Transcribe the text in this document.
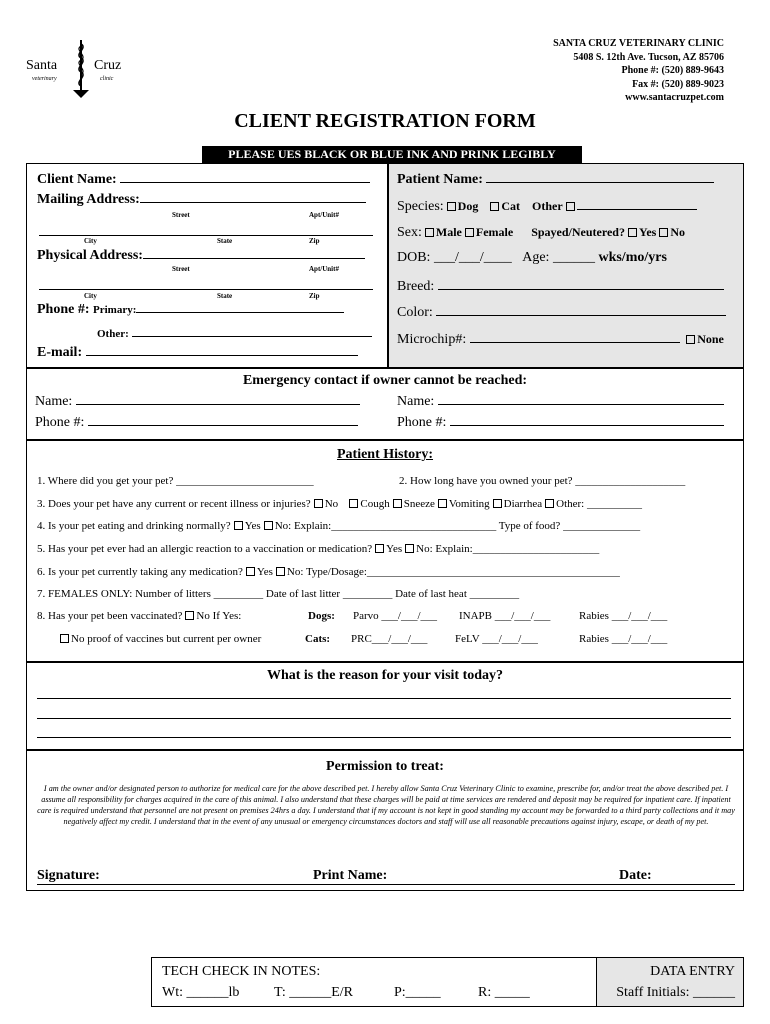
Santa	Cruz
veterinary	clinic
SANTA CRUZ VETERINARY CLINIC
5408 S. 12th Ave. Tucson, AZ 85706
Phone #: (520) 889-9643
Fax #: (520) 889-9023
www.santacruzpet.com
CLIENT REGISTRATION FORM
PLEASE UES BLACK OR BLUE INK AND PRINK LEGIBLY
Client Name:
Mailing Address:
Street	Apt/Unit#
City	State	Zip
Physical Address:
Street	Apt/Unit#
City	State	Zip
Phone #: Primary:
Other:
E-mail:
Patient Name:
Species: Dog Cat Other
Sex: Male Female Spayed/Neutered? Yes No
DOB: ___/___/____ Age: ______ wks/mo/yrs
Breed:
Color:
Microchip#:	None
Emergency contact if owner cannot be reached:
Name:
Phone #:
Name:
Phone #:
Patient History:
1. Where did you get your pet? _________________________	2. How long have you owned your pet? ____________________
3. Does your pet have any current or recent illness or injuries? No Cough Sneeze Vomiting Diarrhea Other: __________
4. Is your pet eating and drinking normally? Yes No: Explain:______________________________ Type of food? ______________
5. Has your pet ever had an allergic reaction to a vaccination or medication? Yes No: Explain:_______________________
6. Is your pet currently taking any medication? Yes No: Type/Dosage:______________________________________________
7. FEMALES ONLY: Number of litters _________ Date of last litter _________ Date of last heat _________
8. Has your pet been vaccinated? No If Yes:	Dogs: Parvo ___/___/___ INAPB ___/___/___	Rabies ___/___/___
No proof of vaccines but current per owner	Cats: PRC___/___/___	FeLV ___/___/___	Rabies ___/___/___
What is the reason for your visit today?
Permission to treat:
I am the owner and/or designated person to authorize for medical care for the above described pet. I hereby allow Santa Cruz Veterinary Clinic to examine, prescribe for, and/or treat the above described pet. I assume all responsibility for charges acquired in the care of this animal. I also understand that these charges will be paid at time services are rendered and deposit may be required for inpatient care. If inpatient care is required understand that personnel are not present on premises 24hrs a day. I understand that if my account is not kept in good standing my account may be forwarded to a third party collections and it may negatively affect my credit. I understand that in the event of any unusual or emergency circumstances doctors and staff will use all reasonable precautions against injury, escape, or death of my pet.
Signature:	Print Name:	Date:
TECH CHECK IN NOTES:
Wt: ______lb T: ______E/R	P:_____	R: _____
DATA ENTRY
Staff Initials: ______
